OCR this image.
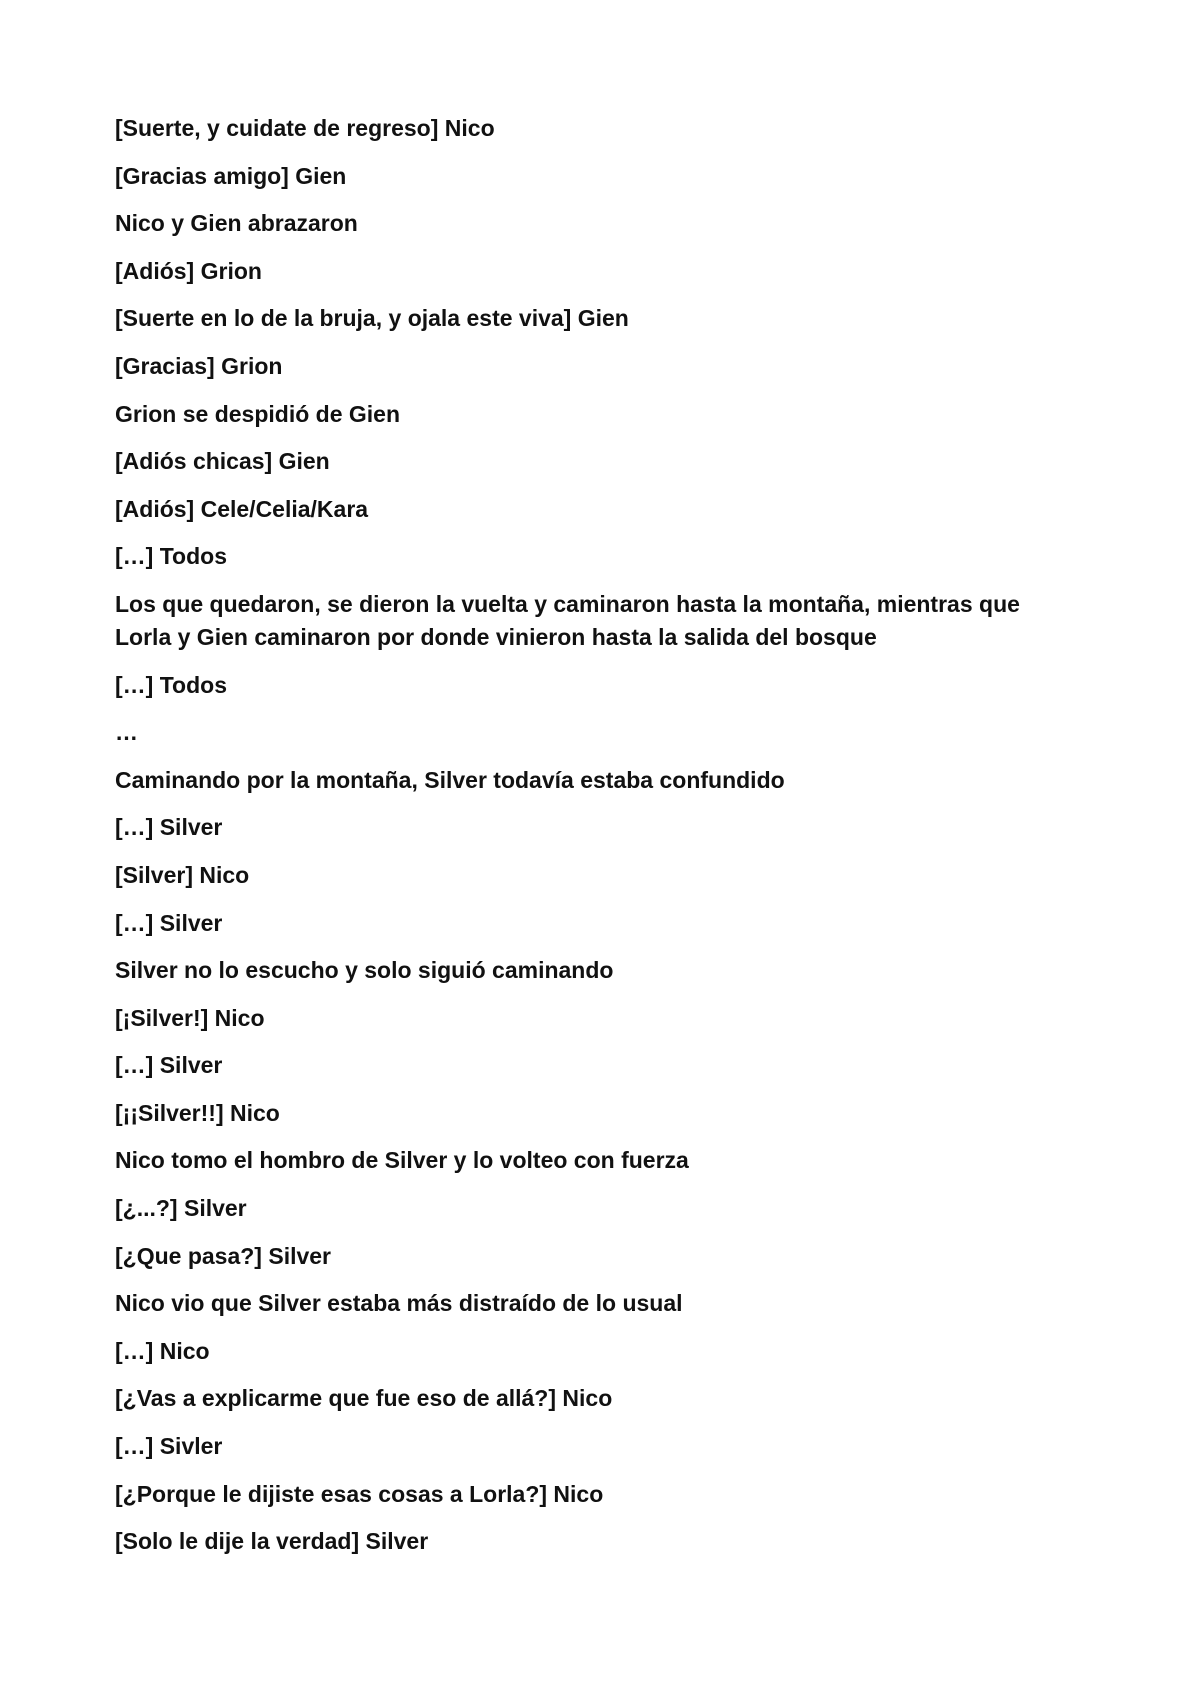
[Suerte, y cuidate de regreso] Nico

[Gracias amigo] Gien

Nico y Gien abrazaron

[Adiós] Grion

[Suerte en lo de la bruja, y ojala este viva] Gien

[Gracias] Grion

Grion se despidió de Gien

[Adiós chicas] Gien

[Adiós] Cele/Celia/Kara

[…] Todos

Los que quedaron, se dieron la vuelta y caminaron hasta la montaña, mientras que Lorla y Gien caminaron por donde vinieron hasta la salida del bosque

[…] Todos

…

Caminando por la montaña, Silver todavía estaba confundido

[…] Silver

[Silver] Nico

[…] Silver

Silver no lo escucho y solo siguió caminando

[¡Silver!] Nico

[…] Silver

[¡¡Silver!!] Nico

Nico tomo el hombro de Silver y lo volteo con fuerza

[¿...?] Silver

[¿Que pasa?] Silver

Nico vio que Silver estaba más distraído de lo usual

[…] Nico

[¿Vas a explicarme que fue eso de allá?] Nico

[…] Sivler

[¿Porque le dijiste esas cosas a Lorla?] Nico

[Solo le dije la verdad] Silver
